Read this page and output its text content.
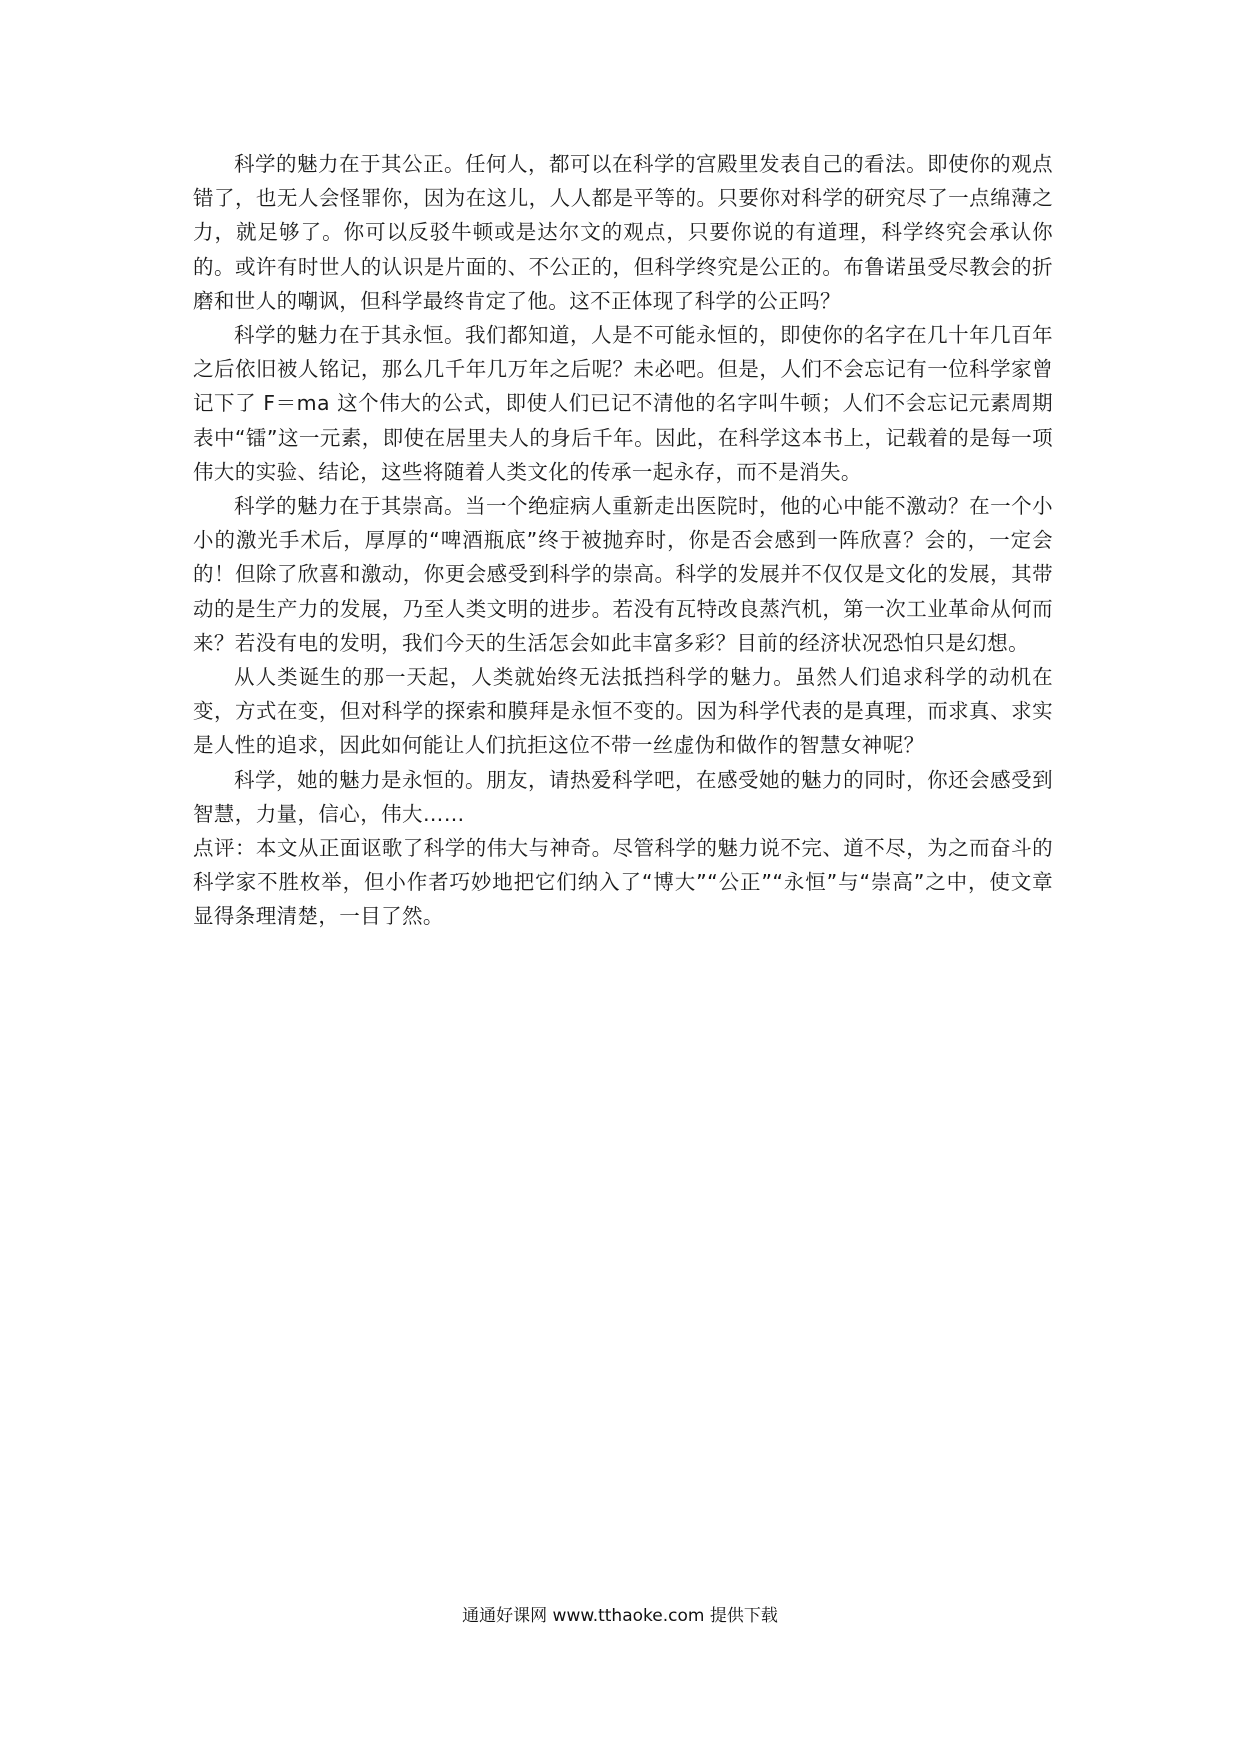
科学的魅力在于其公正。任何人，都可以在科学的宫殿里发表自己的看法。即使你的观点错了，也无人会怪罪你，因为在这儿，人人都是平等的。只要你对科学的研究尽了一点绵薄之力，就足够了。你可以反驳牛顿或是达尔文的观点，只要你说的有道理，科学终究会承认你的。或许有时世人的认识是片面的、不公正的，但科学终究是公正的。布鲁诺虽受尽教会的折磨和世人的嘲讽，但科学最终肯定了他。这不正体现了科学的公正吗？

科学的魅力在于其永恒。我们都知道，人是不可能永恒的，即使你的名字在几十年几百年之后依旧被人铭记，那么几千年几万年之后呢？未必吧。但是，人们不会忘记有一位科学家曾记下了 F＝ma 这个伟大的公式，即使人们已记不清他的名字叫牛顿；人们不会忘记元素周期表中“镭”这一元素，即使在居里夫人的身后千年。因此，在科学这本书上，记载着的是每一项伟大的实验、结论，这些将随着人类文化的传承一起永存，而不是消失。

科学的魅力在于其崇高。当一个绝症病人重新走出医院时，他的心中能不激动？在一个小小的激光手术后，厚厚的“啤酒瓶底”终于被抛弃时，你是否会感到一阵欣喜？会的，一定会的！但除了欣喜和激动，你更会感受到科学的崇高。科学的发展并不仅仅是文化的发展，其带动的是生产力的发展，乃至人类文明的进步。若没有瓦特改良蒸汽机，第一次工业革命从何而来？若没有电的发明，我们今天的生活怎会如此丰富多彩？目前的经济状况恐怕只是幻想。

从人类诞生的那一天起，人类就始终无法抵挡科学的魅力。虽然人们追求科学的动机在变，方式在变，但对科学的探索和膜拜是永恒不变的。因为科学代表的是真理，而求真、求实是人性的追求，因此如何能让人们抗拒这位不带一丝虚伪和做作的智慧女神呢？

科学，她的魅力是永恒的。朋友，请热爱科学吧，在感受她的魅力的同时，你还会感受到智慧，力量，信心，伟大……

点评：本文从正面讴歌了科学的伟大与神奇。尽管科学的魅力说不完、道不尽，为之而奋斗的科学家不胜枚举，但小作者巧妙地把它们纳入了“博大”“公正”“永恒”与“崇高”之中，使文章显得条理清楚，一目了然。

通通好课网 www.tthaoke.com 提供下载
